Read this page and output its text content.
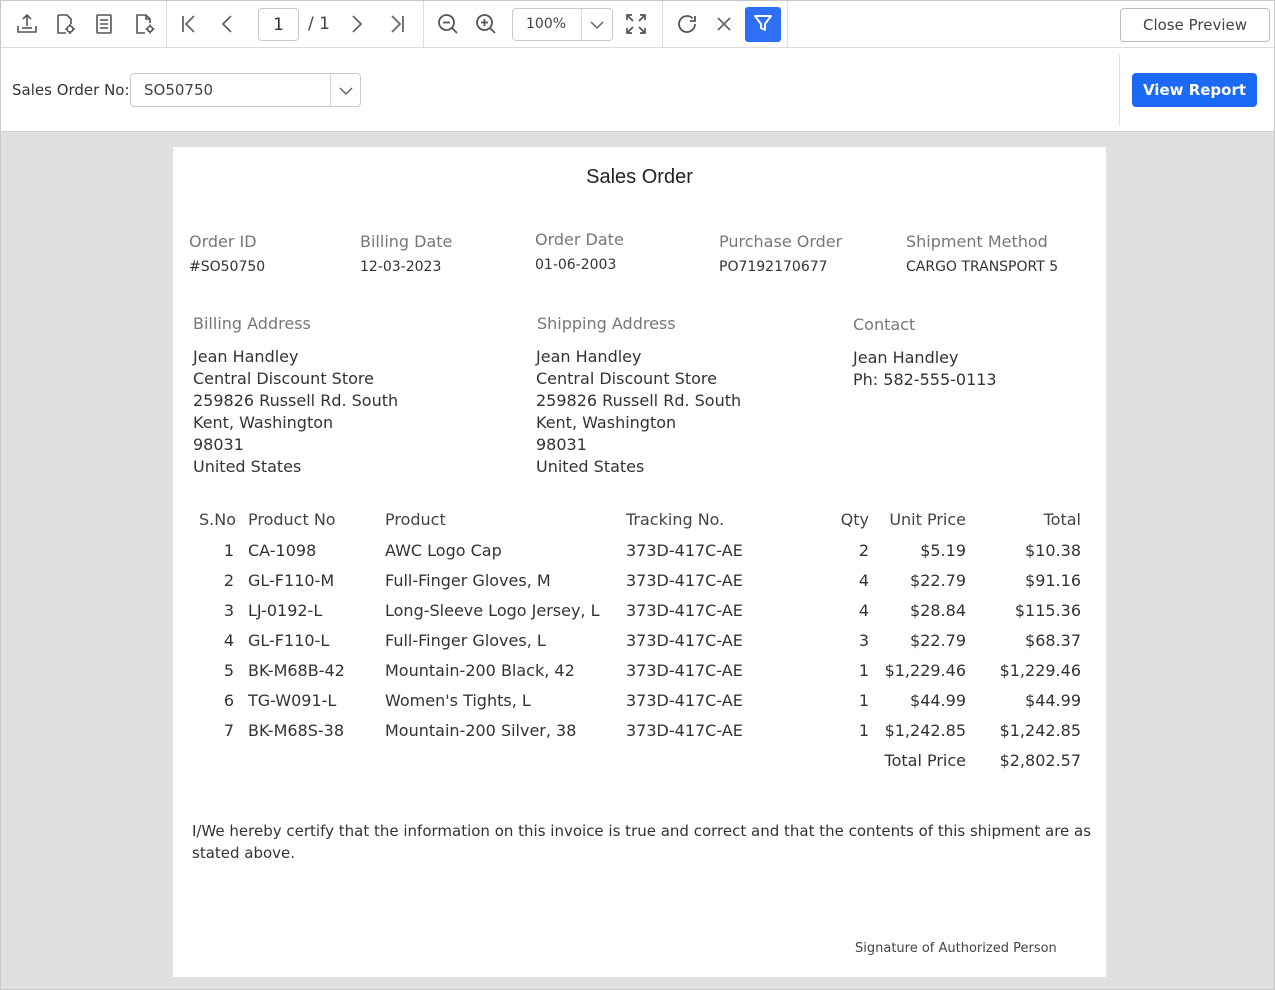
1 / 1	100%	Close Preview
Sales Order No: SO50750	View Report
Sales Order
Order ID
#SO50750
Billing Date
12-03-2023
Order Date
01-06-2003
Purchase Order
PO7192170677
Shipment Method
CARGO TRANSPORT 5
Billing Address
Jean Handley
Central Discount Store
259826 Russell Rd. South
Kent, Washington
98031
United States
Shipping Address
Jean Handley
Central Discount Store
259826 Russell Rd. South
Kent, Washington
98031
United States
Contact
Jean Handley
Ph: 582-555-0113
S.No Product No	Product	Tracking No.	Qty	Unit Price	Total
1 CA-1098	AWC Logo Cap	373D-417C-AE	2	$5.19	$10.38
2 GL-F110-M	Full-Finger Gloves, M	373D-417C-AE	4	$22.79	$91.16
3 LJ-0192-L	Long-Sleeve Logo Jersey, L 373D-417C-AE	4	$28.84	$115.36
4 GL-F110-L	Full-Finger Gloves, L	373D-417C-AE	3	$22.79	$68.37
5 BK-M68B-42	Mountain-200 Black, 42	373D-417C-AE	1 $1,229.46	$1,229.46
6 TG-W091-L	Women's Tights, L	373D-417C-AE	1	$44.99	$44.99
7 BK-M68S-38	Mountain-200 Silver, 38	373D-417C-AE	1 $1,242.85	$1,242.85
Total Price	$2,802.57
I/We hereby certify that the information on this invoice is true and correct and that the contents of this shipment are as
stated above.
Signature of Authorized Person
